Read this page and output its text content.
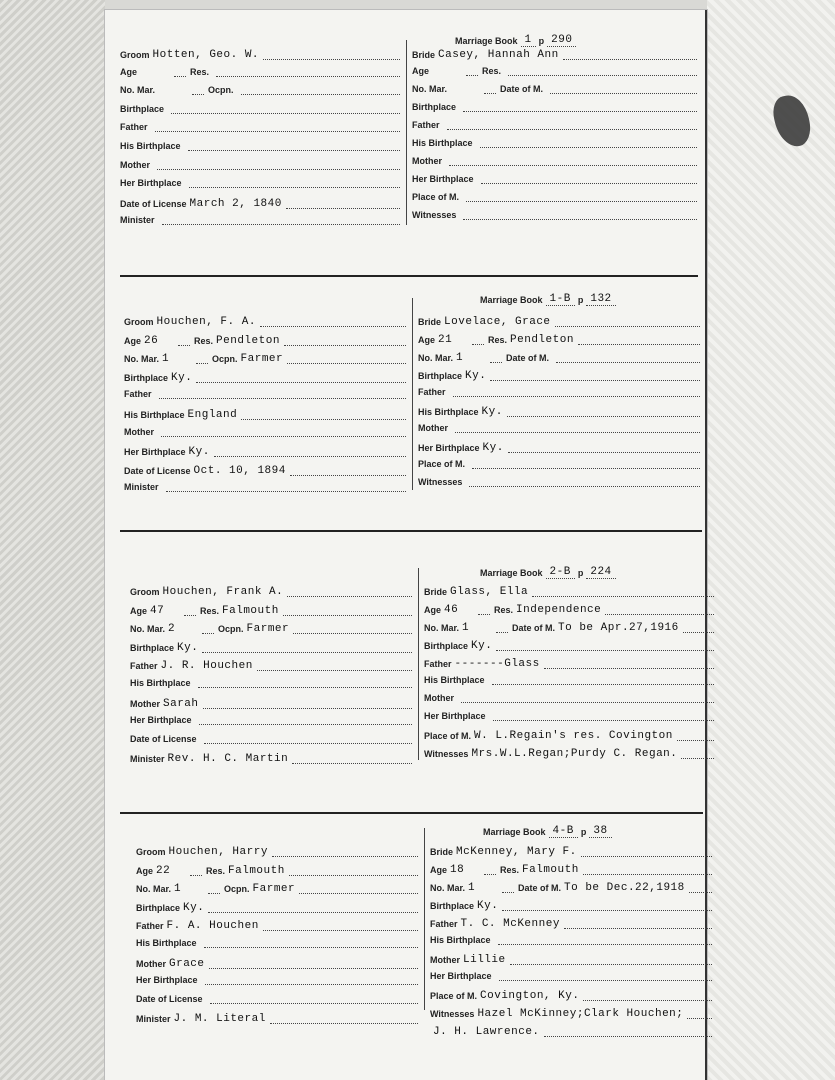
Marriage Book 1 p 290
Groom Hotten, Geo. W.
Age	Res.
No. Mar.	Ocpn.
Birthplace
Father
His Birthplace
Mother
Her Birthplace
Date of License March 2, 1840
Minister
Bride Casey, Hannah Ann
Age	Res.
No. Mar.	Date of M.
Birthplace
Father
His Birthplace
Mother
Her Birthplace
Place of M.
Witnesses
Marriage Book 1-B p 132
Groom Houchen, F. A.
Age 26	Res. Pendleton
No. Mar. 1	Ocpn. Farmer
Birthplace Ky.
Father
His Birthplace England
Mother
Her Birthplace Ky.
Date of License Oct. 10, 1894
Minister
Bride Lovelace, Grace
Age 21	Res. Pendleton
No. Mar. 1	Date of M.
Birthplace Ky.
Father
His Birthplace Ky.
Mother
Her Birthplace Ky.
Place of M.
Witnesses
Marriage Book 2-B p 224
Groom Houchen, Frank A.
Age 47	Res. Falmouth
No. Mar. 2	Ocpn. Farmer
Birthplace Ky.
Father J. R. Houchen
His Birthplace
Mother Sarah
Her Birthplace
Date of License
Minister Rev. H. C. Martin
Bride Glass, Ella
Age 46	Res. Independence
No. Mar. 1	Date of M. To be Apr.27,1916
Birthplace Ky.
Father -------Glass
His Birthplace
Mother
Her Birthplace
Place of M. W. L.Regain's res. Covington
Witnesses Mrs.W.L.Regan;Purdy C. Regan.
Marriage Book 4-B p 38
Groom Houchen, Harry
Age 22	Res. Falmouth
No. Mar. 1	Ocpn. Farmer
Birthplace Ky.
Father F. A. Houchen
His Birthplace
Mother Grace
Her Birthplace
Date of License
Minister J. M. Literal
Bride McKenney, Mary F.
Age 18	Res. Falmouth
No. Mar. 1	Date of M. To be Dec.22,1918
Birthplace Ky.
Father T. C. McKenney
His Birthplace
Mother Lillie
Her Birthplace
Place of M. Covington, Ky.
Witnesses Hazel McKinney;Clark Houchen;
J. H. Lawrence.
